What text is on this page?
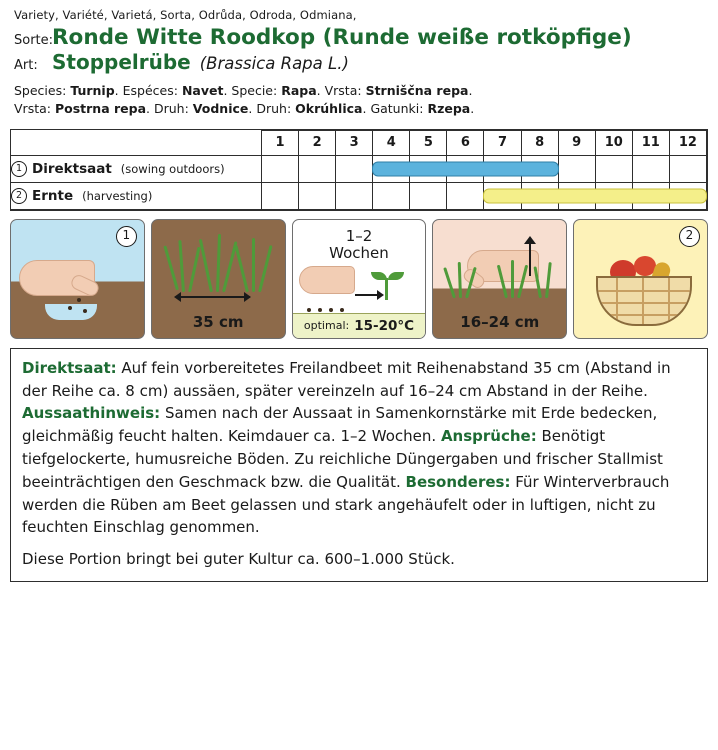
Variety, Variété, Varietá, Sorta, Odrůda, Odroda, Odmiana,
Sorte:
Ronde Witte Roodkop (Runde weiße rotköpfige)
Art: Stoppelrübe (Brassica Rapa L.)
Species: Turnip. Espéces: Navet. Specie: Rapa. Vrsta: Strniščna repa.
Vrsta: Postrna repa. Druh: Vodnice. Druh: Okrúhlica. Gatunki: Rzepa.
	1	2	3	4	5	6	7	8	9	10	11	12
1 Direktsaat (sowing outdoors)				

2 Ernte (harvesting)							

1
35 cm
1–2
Wochen
optimal: 15-20°C	16–24 cm
2

Direktsaat: Auf fein vorbereitetes Freilandbeet mit Reihenabstand 35 cm (Abstand in der Reihe ca. 8 cm) aussäen, später vereinzeln auf 16–24 cm Abstand in der Reihe. Aussaathinweis: Samen nach der Aussaat in Samenkornstärke mit Erde bedecken, gleichmäßig feucht halten. Keimdauer ca. 1–2 Wochen. Ansprüche: Benötigt tiefgelockerte, humusreiche Böden. Zu reichliche Düngergaben und frischer Stallmist beeinträchtigen den Geschmack bzw. die Qualität. Besonderes: Für Winterverbrauch werden die Rüben am Beet gelassen und stark angehäufelt oder in luftigen, nicht zu feuchten Einschlag genommen.

Diese Portion bringt bei guter Kultur ca. 600–1.000 Stück.
